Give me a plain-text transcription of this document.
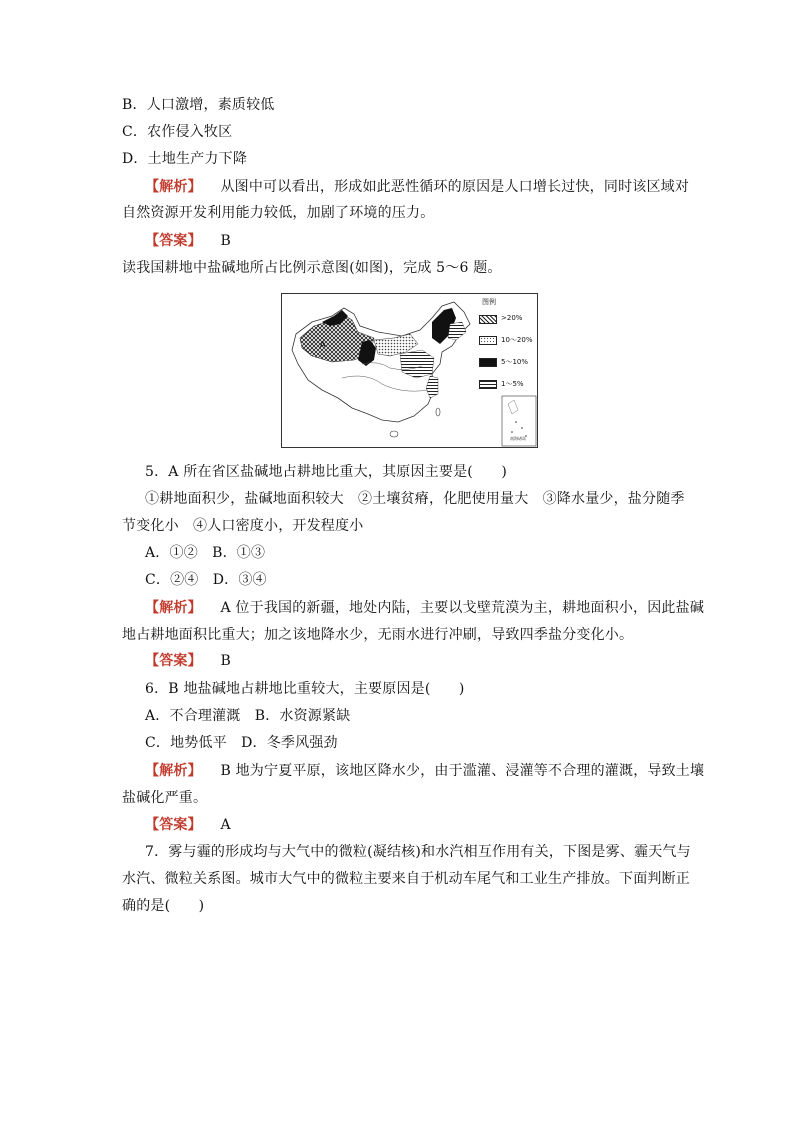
B．人口激增，素质较低
C．农作侵入牧区
D．土地生产力下降
【解析】 从图中可以看出，形成如此恶性循环的原因是人口增长过快，同时该区域对
自然资源开发利用能力较低，加剧了环境的压力。
【答案】 B
读我国耕地中盐碱地所占比例示意图(如图)，完成 5～6 题。
A
图例
>20%
10～20%
5～10%
1～5%
南海诸岛
5．A 所在省区盐碱地占耕地比重大，其原因主要是(　　)
①耕地面积少，盐碱地面积较大　②土壤贫瘠，化肥使用量大　③降水量少，盐分随季
节变化小　④人口密度小，开发程度小
A．①②　B．①③
C．②④　D．③④
【解析】 A 位于我国的新疆，地处内陆，主要以戈壁荒漠为主，耕地面积小，因此盐碱
地占耕地面积比重大；加之该地降水少，无雨水进行冲刷，导致四季盐分变化小。
【答案】 B
6．B 地盐碱地占耕地比重较大，主要原因是(　　)
A．不合理灌溉　B．水资源紧缺
C．地势低平　D．冬季风强劲
【解析】 B 地为宁夏平原，该地区降水少，由于滥灌、浸灌等不合理的灌溉，导致土壤
盐碱化严重。
【答案】 A
7．雾与霾的形成均与大气中的微粒(凝结核)和水汽相互作用有关，下图是雾、霾天气与
水汽、微粒关系图。城市大气中的微粒主要来自于机动车尾气和工业生产排放。下面判断正
确的是(　　)
